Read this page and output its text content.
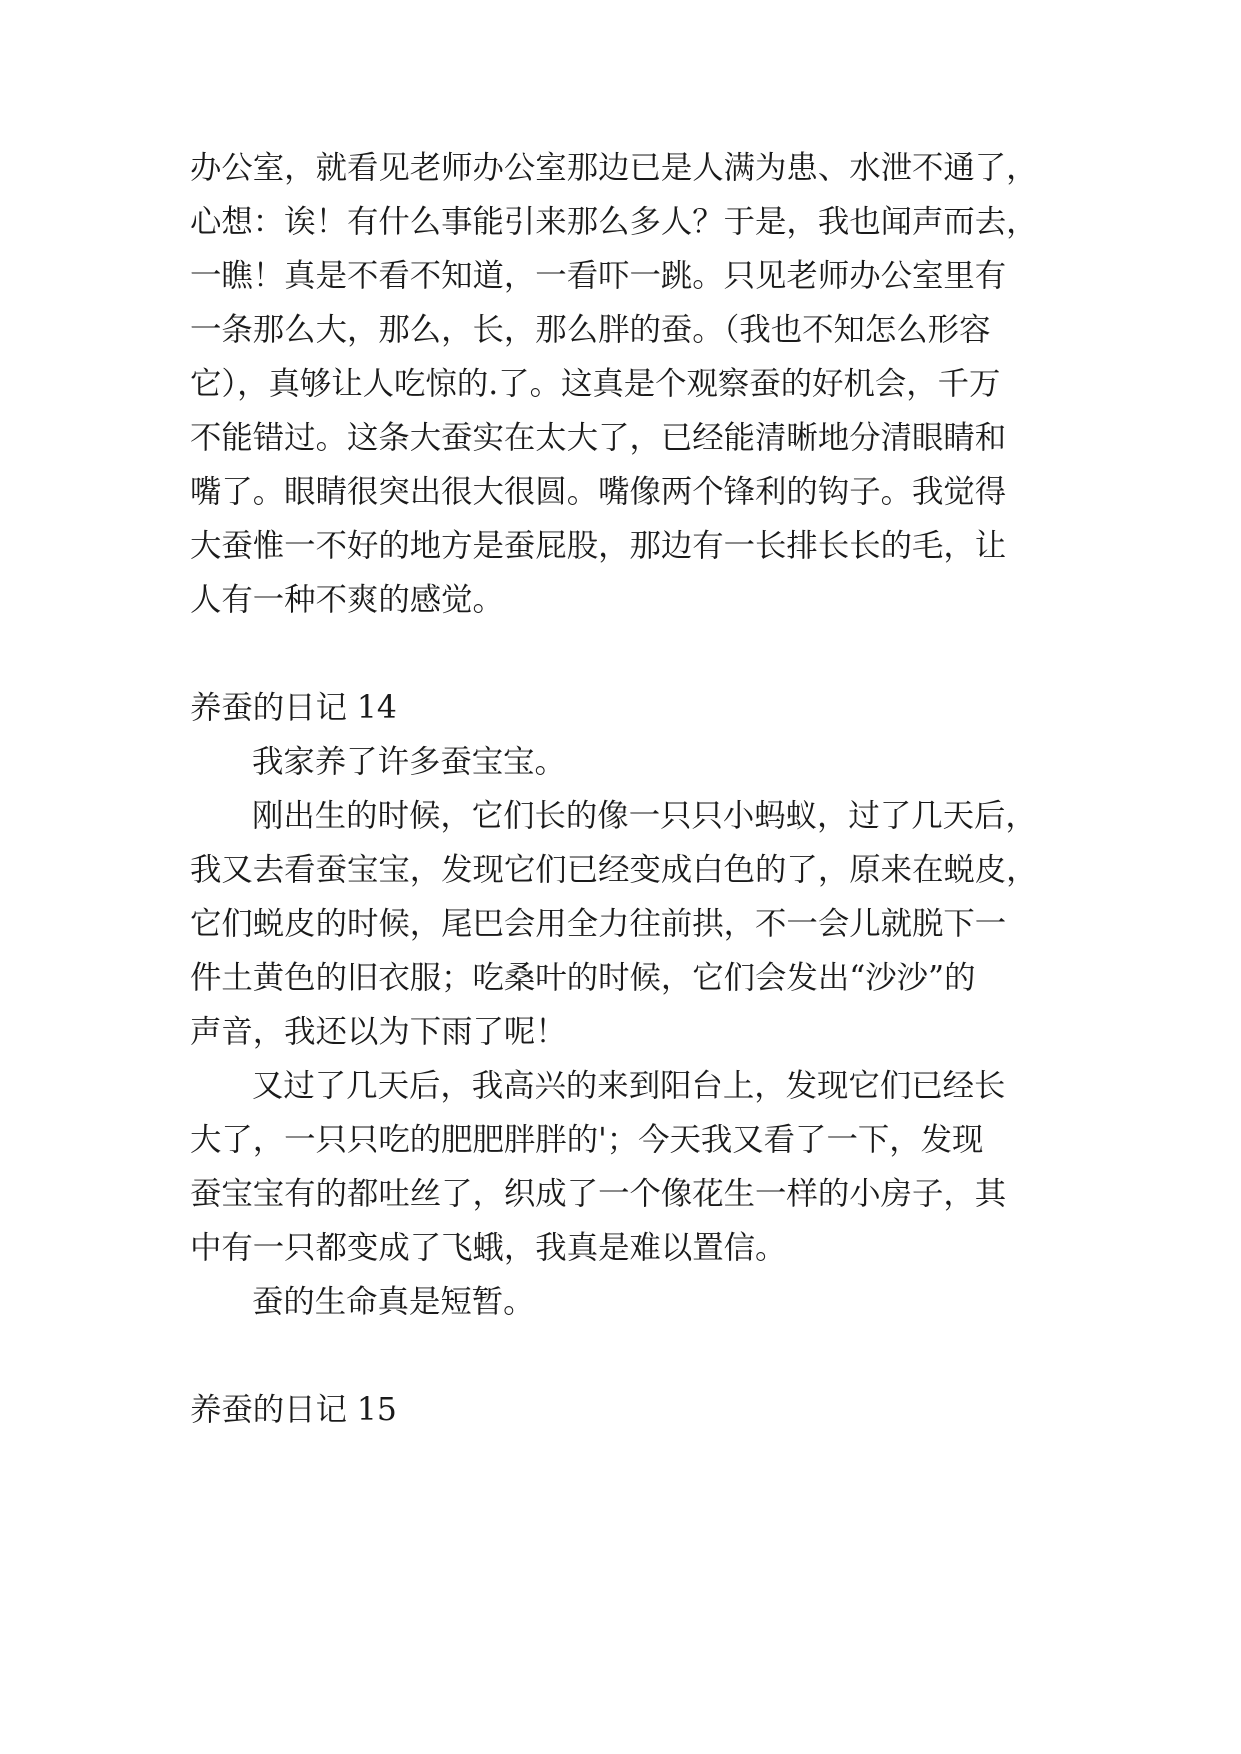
办公室，就看见老师办公室那边已是人满为患、水泄不通了，
心想：诶！有什么事能引来那么多人？于是，我也闻声而去，
一瞧！真是不看不知道，一看吓一跳。只见老师办公室里有
一条那么大，那么，长，那么胖的蚕。（我也不知怎么形容
它），真够让人吃惊的.了。这真是个观察蚕的好机会，千万
不能错过。这条大蚕实在太大了，已经能清晰地分清眼睛和
嘴了。眼睛很突出很大很圆。嘴像两个锋利的钩子。我觉得
大蚕惟一不好的地方是蚕屁股，那边有一长排长长的毛，让
人有一种不爽的感觉。
养蚕的日记 14
我家养了许多蚕宝宝。
刚出生的时候，它们长的像一只只小蚂蚁，过了几天后，
我又去看蚕宝宝，发现它们已经变成白色的了，原来在蜕皮，
它们蜕皮的时候，尾巴会用全力往前拱，不一会儿就脱下一
件土黄色的旧衣服；吃桑叶的时候，它们会发出“沙沙”的
声音，我还以为下雨了呢！
又过了几天后，我高兴的来到阳台上，发现它们已经长
大了，一只只吃的肥肥胖胖的'；今天我又看了一下，发现
蚕宝宝有的都吐丝了，织成了一个像花生一样的小房子，其
中有一只都变成了飞蛾，我真是难以置信。
蚕的生命真是短暂。
养蚕的日记 15
